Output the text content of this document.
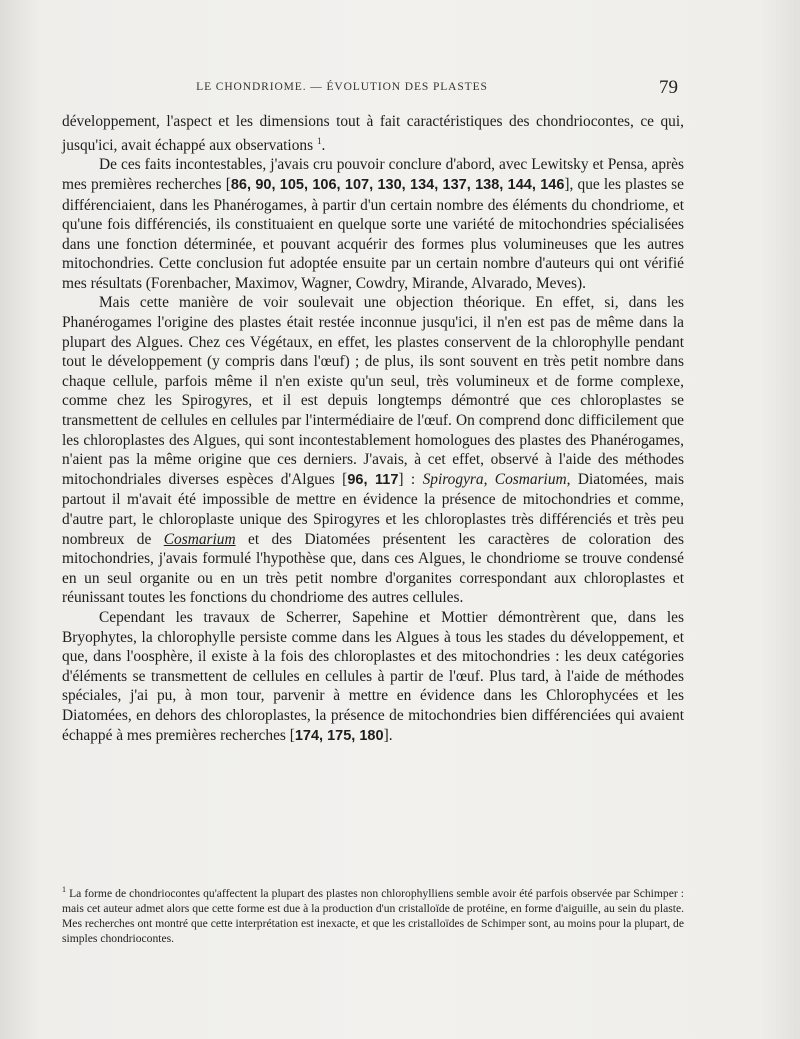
LE CHONDRIOME. — ÉVOLUTION DES PLASTES	79

développement, l'aspect et les dimensions tout à fait caractéristiques des chondriocontes, ce qui, jusqu'ici, avait échappé aux observations $^1$.

De ces faits incontestables, j'avais cru pouvoir conclure d'abord, avec Lewitsky et Pensa, après mes premières recherches [86, 90, 105, 106, 107, 130, 134, 137, 138, 144, 146], que les plastes se différenciaient, dans les Phanérogames, à partir d'un certain nombre des éléments du chondriome, et qu'une fois différenciés, ils constituaient en quelque sorte une variété de mitochondries spécialisées dans une fonction déterminée, et pouvant acquérir des formes plus volumineuses que les autres mitochondries. Cette conclusion fut adoptée ensuite par un certain nombre d'auteurs qui ont vérifié mes résultats (Forenbacher, Maximov, Wagner, Cowdry, Mirande, Alvarado, Meves).

Mais cette manière de voir soulevait une objection théorique. En effet, si, dans les Phanérogames l'origine des plastes était restée inconnue jusqu'ici, il n'en est pas de même dans la plupart des Algues. Chez ces Végétaux, en effet, les plastes conservent de la chlorophylle pendant tout le développement (y compris dans l'œuf) ; de plus, ils sont souvent en très petit nombre dans chaque cellule, parfois même il n'en existe qu'un seul, très volumineux et de forme complexe, comme chez les Spirogyres, et il est depuis longtemps démontré que ces chloroplastes se transmettent de cellules en cellules par l'intermédiaire de l'œuf. On comprend donc difficilement que les chloroplastes des Algues, qui sont incontestablement homologues des plastes des Phanérogames, n'aient pas la même origine que ces derniers. J'avais, à cet effet, observé à l'aide des méthodes mitochondriales diverses espèces d'Algues [96, 117] : Spirogyra, Cosmarium, Diatomées, mais partout il m'avait été impossible de mettre en évidence la présence de mitochondries et comme, d'autre part, le chloroplaste unique des Spirogyres et les chloroplastes très différenciés et très peu nombreux de Cosmarium et des Diatomées présentent les caractères de coloration des mitochondries, j'avais formulé l'hypothèse que, dans ces Algues, le chondriome se trouve condensé en un seul organite ou en un très petit nombre d'organites correspondant aux chloroplastes et réunissant toutes les fonctions du chondriome des autres cellules.

Cependant les travaux de Scherrer, Sapehine et Mottier démontrèrent que, dans les Bryophytes, la chlorophylle persiste comme dans les Algues à tous les stades du développement, et que, dans l'oosphère, il existe à la fois des chloroplastes et des mitochondries : les deux catégories d'éléments se transmettent de cellules en cellules à partir de l'œuf. Plus tard, à l'aide de méthodes spéciales, j'ai pu, à mon tour, parvenir à mettre en évidence dans les Chlorophycées et les Diatomées, en dehors des chloroplastes, la présence de mitochondries bien différenciées qui avaient échappé à mes premières recherches [174, 175, 180].

$^1$ La forme de chondriocontes qu'affectent la plupart des plastes non chlorophylliens semble avoir été parfois observée par Schimper : mais cet auteur admet alors que cette forme est due à la production d'un cristalloïde de protéine, en forme d'aiguille, au sein du plaste. Mes recherches ont montré que cette interprétation est inexacte, et que les cristalloïdes de Schimper sont, au moins pour la plupart, de simples chondriocontes.
